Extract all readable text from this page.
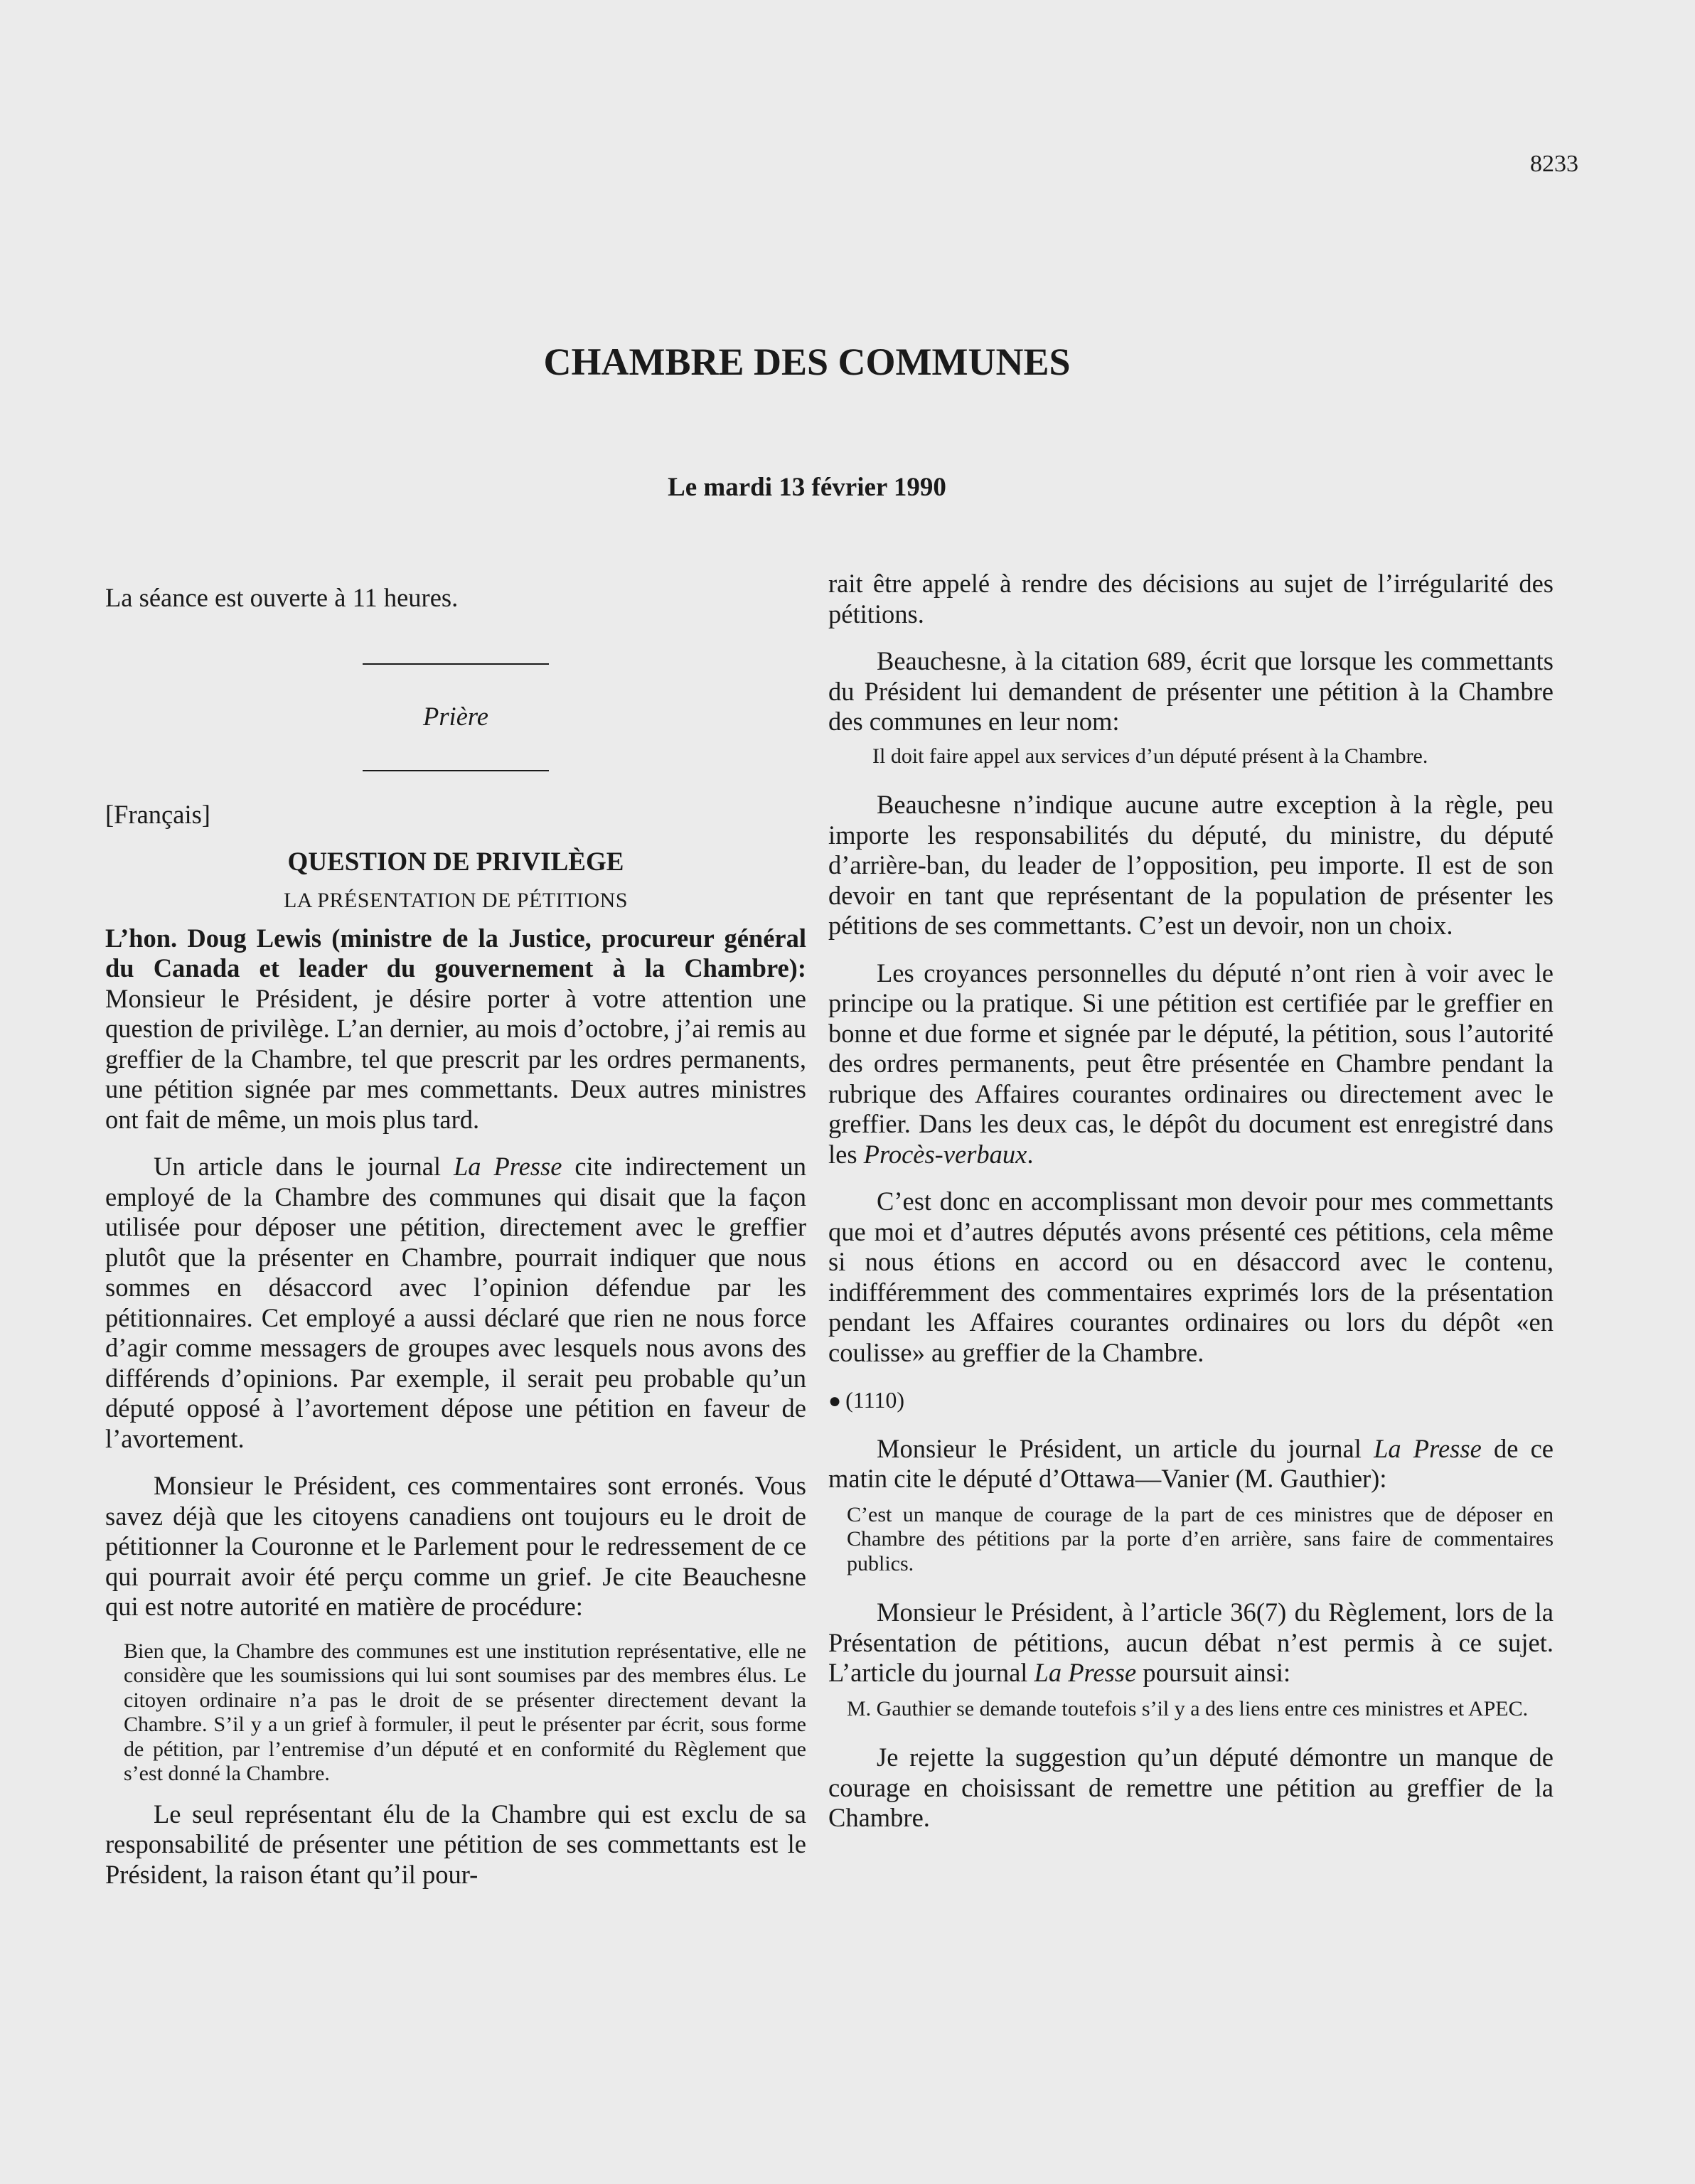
8233
CHAMBRE DES COMMUNES
Le mardi 13 février 1990

La séance est ouverte à 11 heures.

Prière

[Français]

QUESTION DE PRIVILÈGE

LA PRÉSENTATION DE PÉTITIONS

L’hon. Doug Lewis (ministre de la Justice, procureur général du Canada et leader du gouvernement à la Chambre): Monsieur le Président, je désire porter à votre attention une question de privilège. L’an dernier, au mois d’octobre, j’ai remis au greffier de la Chambre, tel que prescrit par les ordres permanents, une pétition signée par mes commettants. Deux autres ministres ont fait de même, un mois plus tard.

Un article dans le journal La Presse cite indirectement un employé de la Chambre des communes qui disait que la façon utilisée pour déposer une pétition, directement avec le greffier plutôt que la présenter en Chambre, pourrait indiquer que nous sommes en désaccord avec l’opinion défendue par les pétitionnaires. Cet employé a aussi déclaré que rien ne nous force d’agir comme messagers de groupes avec lesquels nous avons des différends d’opinions. Par exemple, il serait peu probable qu’un député opposé à l’avortement dépose une pétition en faveur de l’avortement.

Monsieur le Président, ces commentaires sont erronés. Vous savez déjà que les citoyens canadiens ont toujours eu le droit de pétitionner la Couronne et le Parlement pour le redressement de ce qui pourrait avoir été perçu comme un grief. Je cite Beauchesne qui est notre autorité en matière de procédure:

Bien que, la Chambre des communes est une institution représentative, elle ne considère que les soumissions qui lui sont soumises par des membres élus. Le citoyen ordinaire n’a pas le droit de se présenter directement devant la Chambre. S’il y a un grief à formuler, il peut le présenter par écrit, sous forme de pétition, par l’entremise d’un député et en conformité du Règlement que s’est donné la Chambre.

Le seul représentant élu de la Chambre qui est exclu de sa responsabilité de présenter une pétition de ses commettants est le Président, la raison étant qu’il pour-

rait être appelé à rendre des décisions au sujet de l’irrégularité des pétitions.

Beauchesne, à la citation 689, écrit que lorsque les commettants du Président lui demandent de présenter une pétition à la Chambre des communes en leur nom:

Il doit faire appel aux services d’un député présent à la Chambre.

Beauchesne n’indique aucune autre exception à la règle, peu importe les responsabilités du député, du ministre, du député d’arrière-ban, du leader de l’opposition, peu importe. Il est de son devoir en tant que représentant de la population de présenter les pétitions de ses commettants. C’est un devoir, non un choix.

Les croyances personnelles du député n’ont rien à voir avec le principe ou la pratique. Si une pétition est certifiée par le greffier en bonne et due forme et signée par le député, la pétition, sous l’autorité des ordres permanents, peut être présentée en Chambre pendant la rubrique des Affaires courantes ordinaires ou directement avec le greffier. Dans les deux cas, le dépôt du document est enregistré dans les Procès-verbaux.

C’est donc en accomplissant mon devoir pour mes commettants que moi et d’autres députés avons présenté ces pétitions, cela même si nous étions en accord ou en désaccord avec le contenu, indifféremment des commentaires exprimés lors de la présentation pendant les Affaires courantes ordinaires ou lors du dépôt «en coulisse» au greffier de la Chambre.

● (1110)

Monsieur le Président, un article du journal La Presse de ce matin cite le député d’Ottawa—Vanier (M. Gauthier):

C’est un manque de courage de la part de ces ministres que de déposer en Chambre des pétitions par la porte d’en arrière, sans faire de commentaires publics.

Monsieur le Président, à l’article 36(7) du Règlement, lors de la Présentation de pétitions, aucun débat n’est permis à ce sujet. L’article du journal La Presse poursuit ainsi:

M. Gauthier se demande toutefois s’il y a des liens entre ces ministres et APEC.

Je rejette la suggestion qu’un député démontre un manque de courage en choisissant de remettre une pétition au greffier de la Chambre.
